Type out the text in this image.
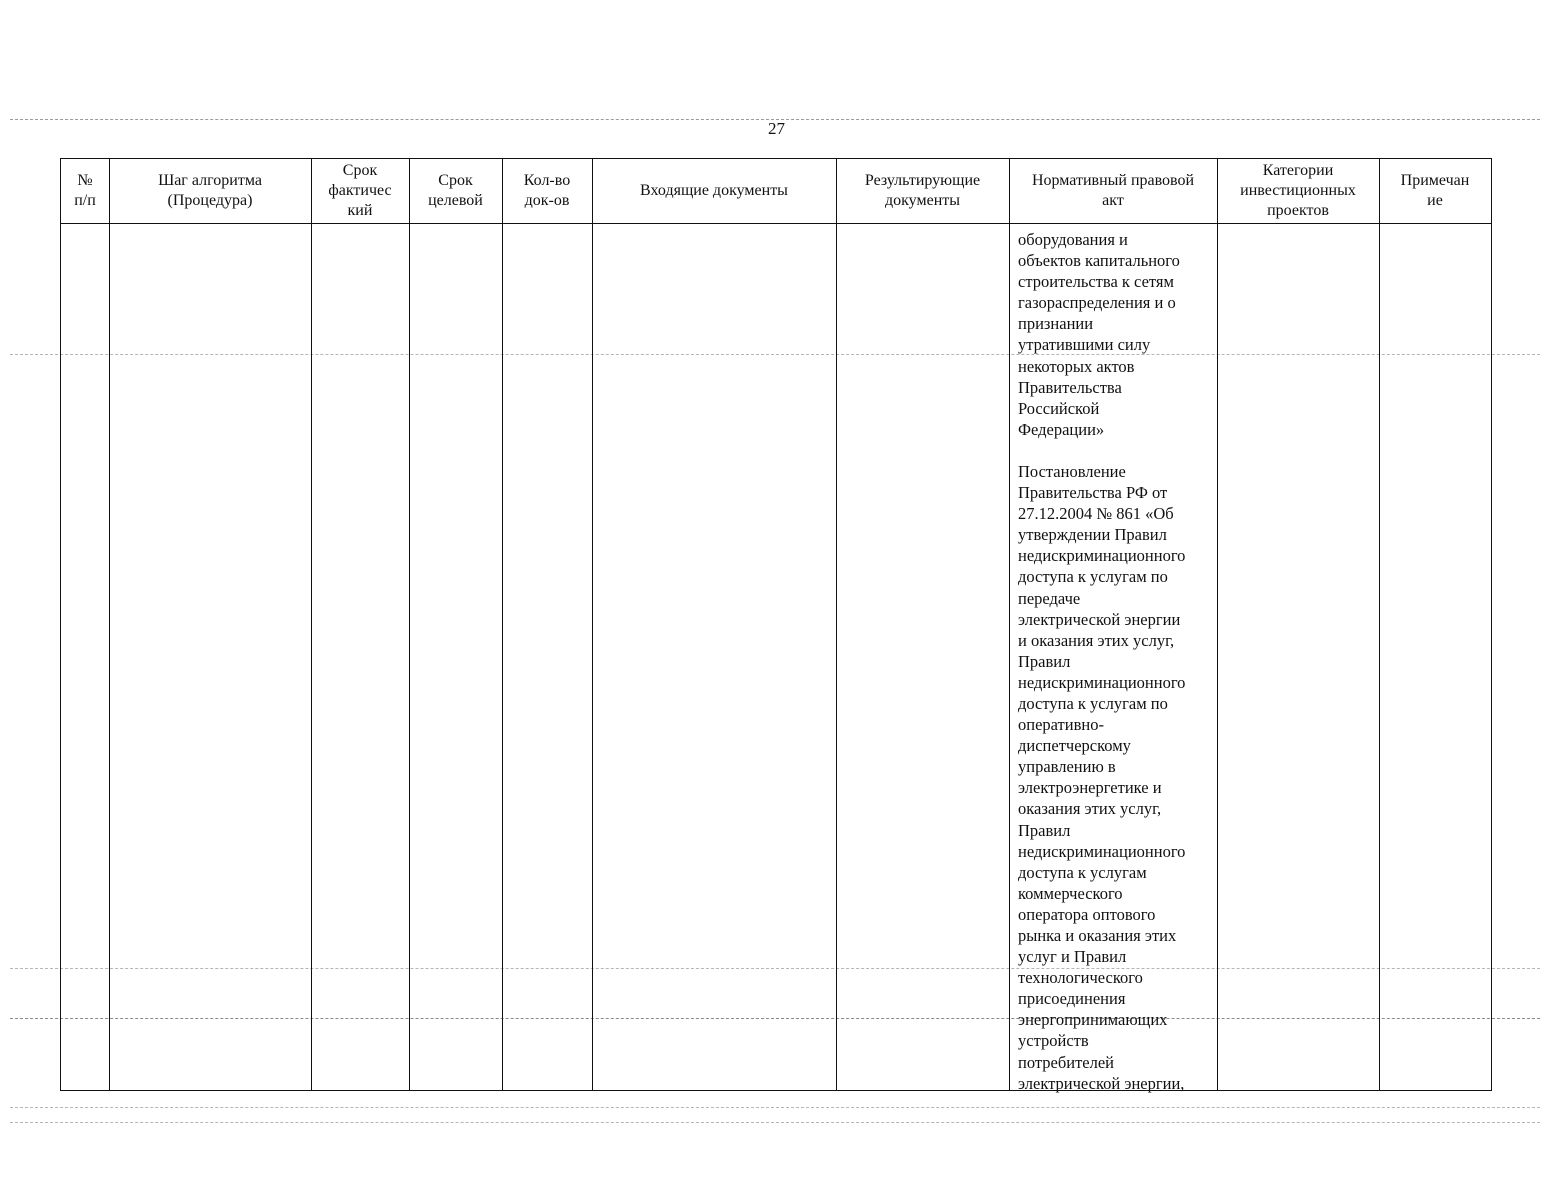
27
№
п/п
Шаг алгоритма
(Процедура)
Срок
фактичес
кий
Срок
целевой
Кол-во
док-ов
Входящие документы
Результирующие
документы
Нормативный правовой
акт
Категории
инвестиционных
проектов
Примечан
ие

оборудования и
объектов капитального
строительства к сетям
газораспределения и о
признании
утратившими силу
некоторых актов
Правительства
Российской
Федерации»

Постановление
Правительства РФ от
27.12.2004 № 861 «Об
утверждении Правил
недискриминационного
доступа к услугам по
передаче
электрической энергии
и оказания этих услуг,
Правил
недискриминационного
доступа к услугам по
оперативно-
диспетчерскому
управлению в
электроэнергетике и
оказания этих услуг,
Правил
недискриминационного
доступа к услугам
коммерческого
оператора оптового
рынка и оказания этих
услуг и Правил
технологического
присоединения
энергопринимающих
устройств
потребителей
электрической энергии,
